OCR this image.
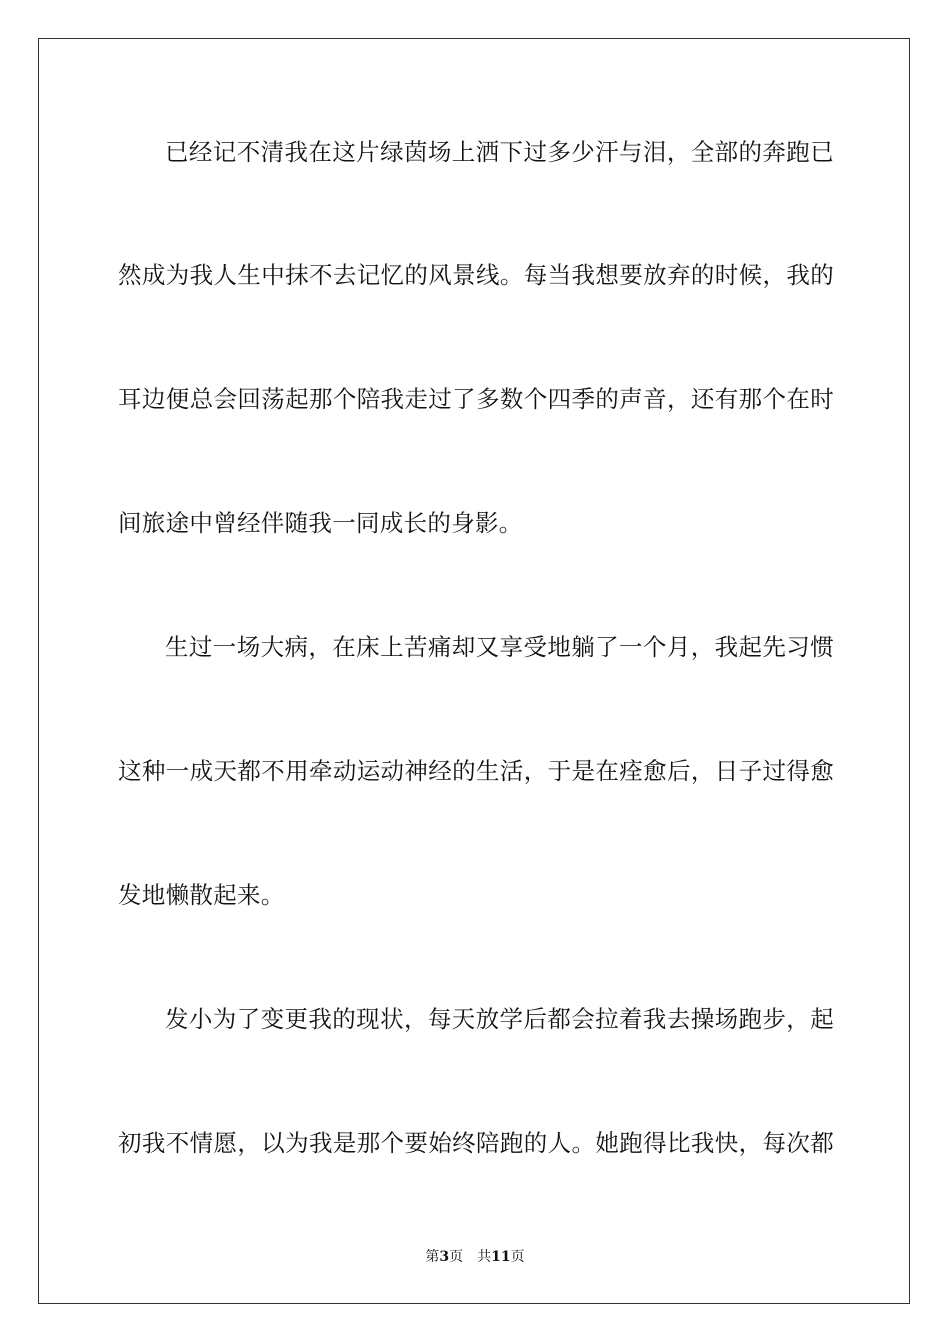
已经记不清我在这片绿茵场上洒下过多少汗与泪，全部的奔跑已
然成为我人生中抹不去记忆的风景线。每当我想要放弃的时候，我的
耳边便总会回荡起那个陪我走过了多数个四季的声音，还有那个在时
间旅途中曾经伴随我一同成长的身影。
生过一场大病，在床上苦痛却又享受地躺了一个月，我起先习惯
这种一成天都不用牵动运动神经的生活，于是在痊愈后，日子过得愈
发地懒散起来。
发小为了变更我的现状，每天放学后都会拉着我去操场跑步，起
初我不情愿，以为我是那个要始终陪跑的人。她跑得比我快，每次都
第3页 共11页
